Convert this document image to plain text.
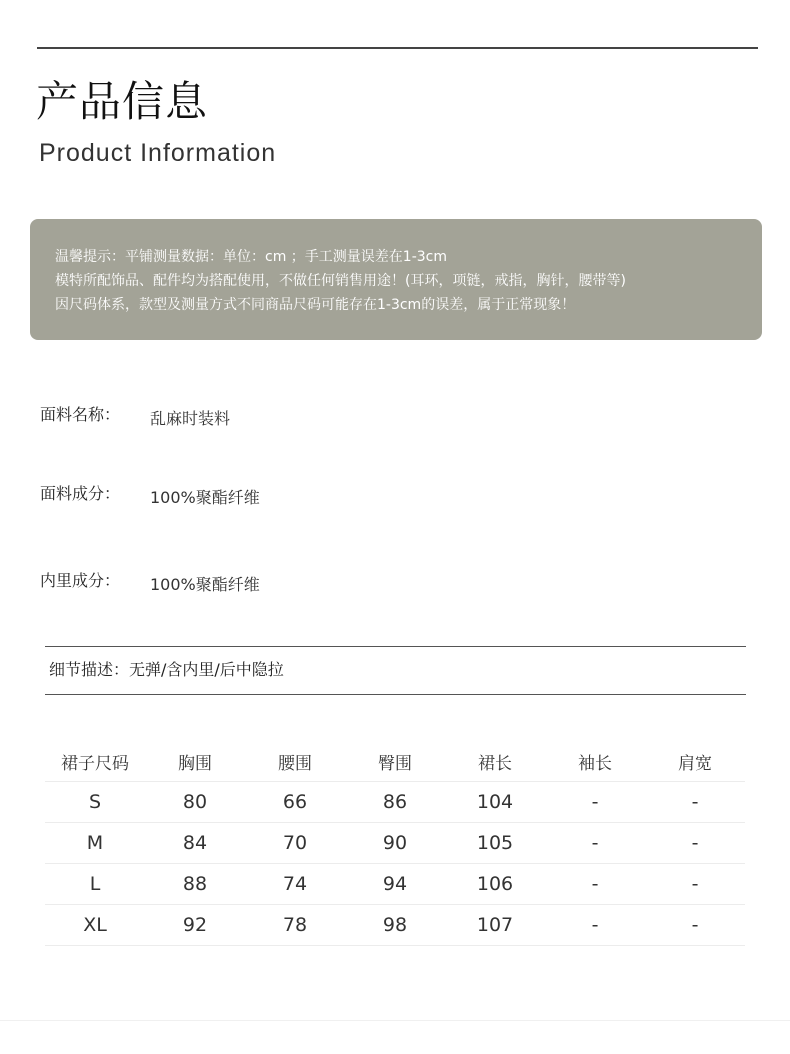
产品信息
Product Information
温馨提示：平铺测量数据：单位：cm ；手工测量误差在1-3cm
模特所配饰品、配件均为搭配使用，不做任何销售用途！(耳环，项链，戒指，胸针，腰带等)
因尺码体系，款型及测量方式不同商品尺码可能存在1-3cm的误差，属于正常现象！
面料名称： 乱麻时装料
面料成分： 100%聚酯纤维
内里成分： 100%聚酯纤维
细节描述：无弹/含内里/后中隐拉
裙子尺码	胸围	腰围	臀围	裙长	袖长	肩宽
S	80	66	86	104	-	-
M	84	70	90	105	-	-
L	88	74	94	106	-	-
XL	92	78	98	107	-	-
